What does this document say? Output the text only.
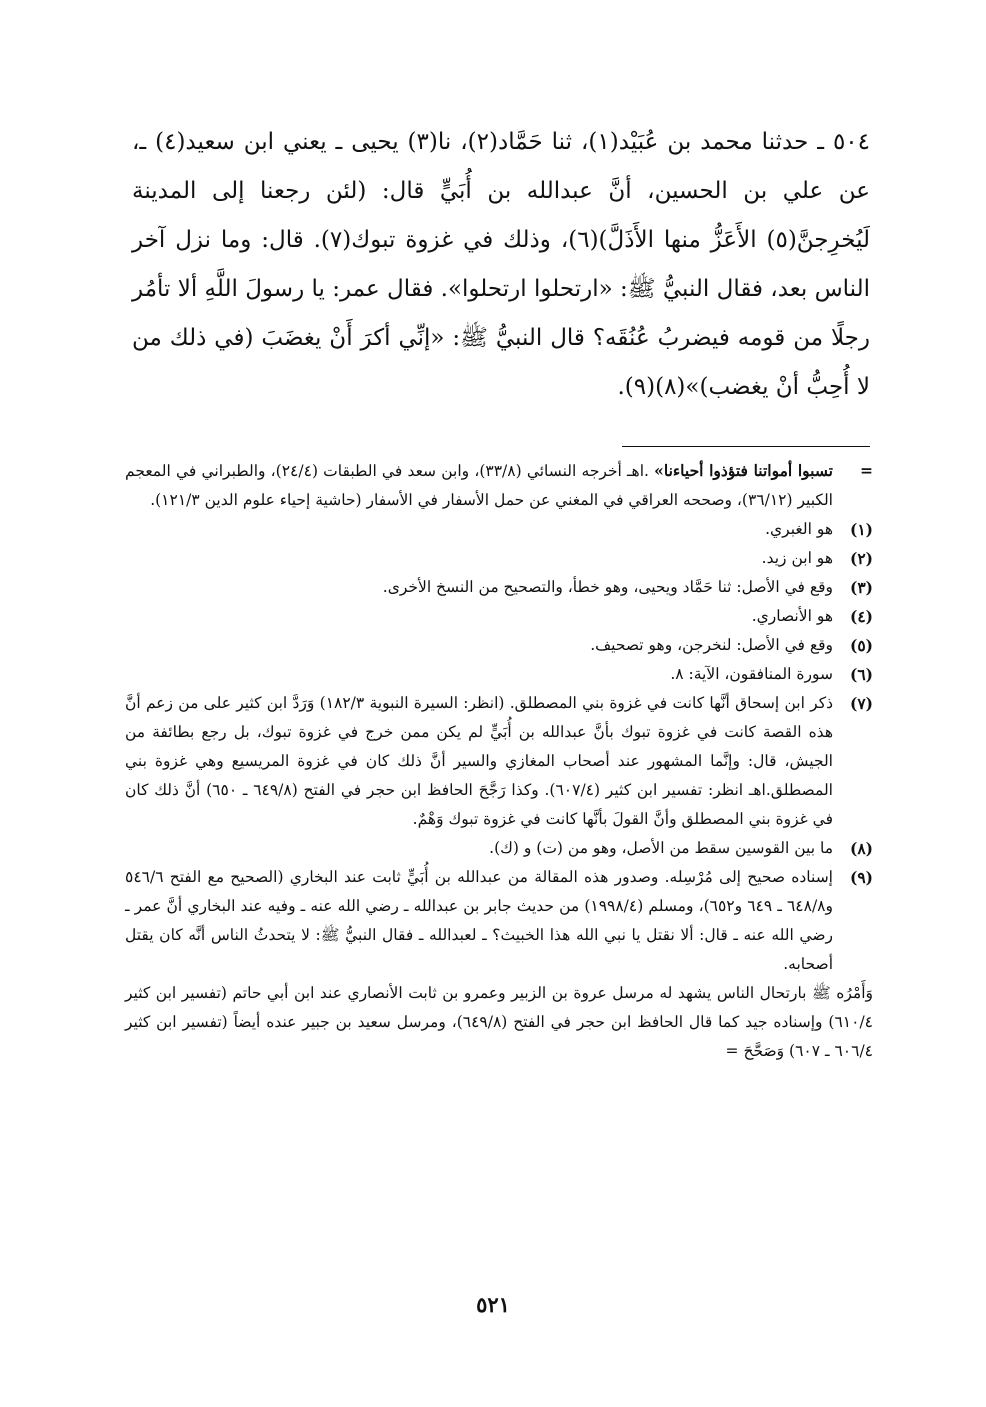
٥٠٤ ـ حدثنا محمد بن عُبَيْد(١)، ثنا حَمَّاد(٢)، نا(٣) يحيى ـ يعني ابن سعيد(٤) ـ، عن علي بن الحسين، أنَّ عبدالله بن أُبَيٍّ قال: (لئن رجعنا إلى المدينة لَيُخرِجنَّ(٥) الأَعَزُّ منها الأَذَلَّ)(٦)، وذلك في غزوة تبوك(٧). قال: وما نزل آخر الناس بعد، فقال النبيُّ ﷺ: «ارتحلوا ارتحلوا». فقال عمر: يا رسولَ اللَّهِ ألا تأمُر رجلًا من قومه فيضربُ عُنُقَه؟ قال النبيُّ ﷺ: «إنِّي أكرَ أَنْ يغضَبَ (في ذلك من لا أُحِبُّ أنْ يغضب)»(٨)(٩).

=
تسبوا أمواتنا فتؤذوا أحياءنا» .اهـ أخرجه النسائي (٣٣/٨)، وابن سعد في الطبقات (٢٤/٤)، والطبراني في المعجم الكبير (٣٦/١٢)، وصححه العراقي في المغني عن حمل الأسفار في الأسفار (حاشية إحياء علوم الدين ١٢١/٣).
(١)
هو الغبري.
(٢)
هو ابن زيد.
(٣)
وقع في الأصل: ثنا حَمَّاد ويحيى، وهو خطأ، والتصحيح من النسخ الأخرى.
(٤)
هو الأنصاري.
(٥)
وقع في الأصل: لنخرجن، وهو تصحيف.
(٦)
سورة المنافقون، الآية: ٨.
(٧)
ذكر ابن إسحاق أنَّها كانت في غزوة بني المصطلق. (انظر: السيرة النبوية ١٨٢/٣) وَرَدَّ ابن كثير على من زعم أنَّ هذه القصة كانت في غزوة تبوك بأنَّ عبدالله بن أُبَيٍّ لم يكن ممن خرج في غزوة تبوك، بل رجع بطائفة من الجيش، قال: وإنَّما المشهور عند أصحاب المغازي والسير أنَّ ذلك كان في غزوة المريسيع وهي غزوة بني المصطلق.اهـ انظر: تفسير ابن كثير (٦٠٧/٤). وكذا رَجَّحَ الحافظ ابن حجر في الفتح (٦٤٩/٨ ـ ٦٥٠) أنَّ ذلك كان في غزوة بني المصطلق وأنَّ القولَ بأنَّها كانت في غزوة تبوك وَهْمٌ.
(٨)
ما بين القوسين سقط من الأصل، وهو من (ت) و (ك).
(٩)
إسناده صحيح إلى مُرْسِله. وصدور هذه المقالة من عبدالله بن أُبَيٍّ ثابت عند البخاري (الصحيح مع الفتح ٥٤٦/٦ و٦٤٨/٨ ـ ٦٤٩ و٦٥٢)، ومسلم (١٩٩٨/٤) من حديث جابر بن عبدالله ـ رضي الله عنه ـ وفيه عند البخاري أنَّ عمر ـ رضي الله عنه ـ قال: ألا نقتل يا نبي الله هذا الخبيث؟ ـ لعبدالله ـ فقال النبيُّ ﷺ: لا يتحدثُ الناس أنَّه كان يقتل أصحابه.

وَأَمْرُه ﷺ بارتحال الناس يشهد له مرسل عروة بن الزبير وعمرو بن ثابت الأنصاري عند ابن أبي حاتم (تفسير ابن كثير ٦١٠/٤) وإسناده جيد كما قال الحافظ ابن حجر في الفتح (٦٤٩/٨)، ومرسل سعيد بن جبير عنده أيضاً (تفسير ابن كثير ٦٠٦/٤ ـ ٦٠٧) وَصَحَّحَ =

٥٢١
